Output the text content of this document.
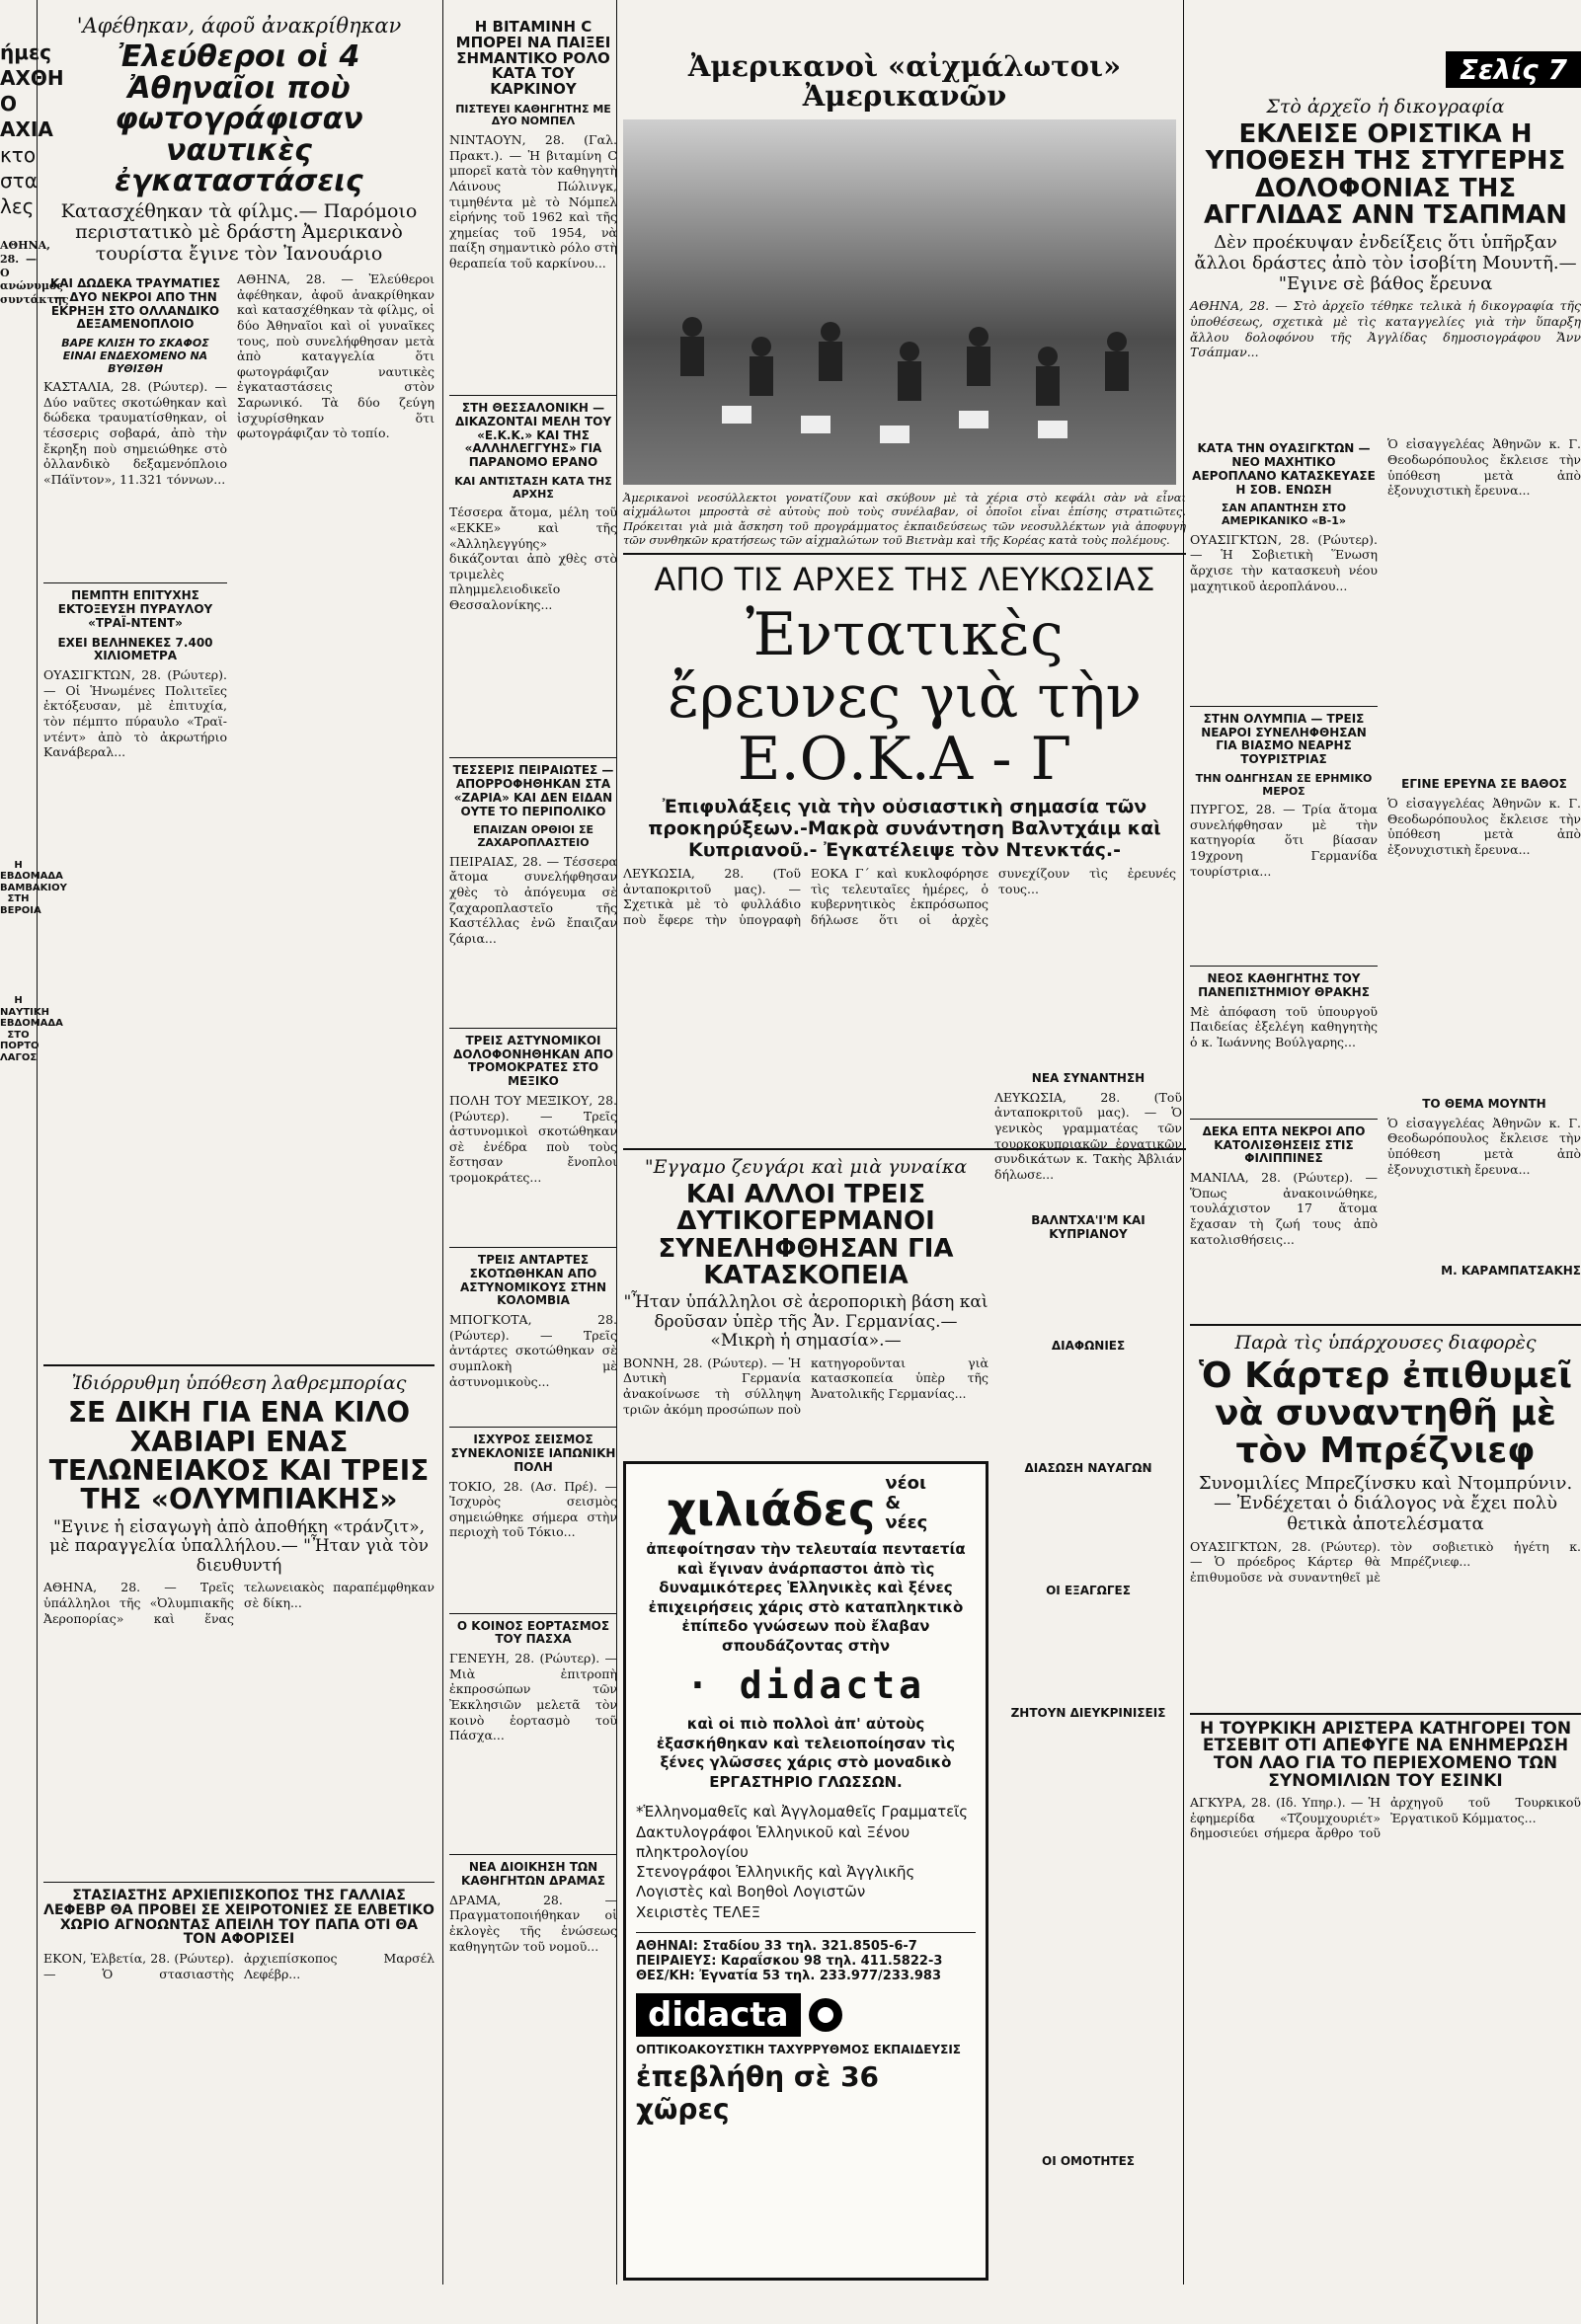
ήμες
ΑΧΘΗ
Ο
ΑΧΙΑ
κτο
στα
λες

ΑΘΗΝΑ, 28. — Ο ανώνυμος συντάκτης

Η ΕΒΔΟΜΑΔΑ ΒΑΜΒΑΚΙΟΥ ΣΤΗ ΒΕΡΟΙΑ
Η ΝΑΥΤΙΚΗ ΕΒΔΟΜΑΔΑ ΣΤΟ ΠΟΡΤΟ ΛΑΓΟΣ

'Αφέθηκαν, άφοῦ ἀνακρίθηκαν

Ἐλεύθεροι οἱ 4 Ἀθηναῖοι ποὺ φωτογράφισαν ναυτικὲς ἐγκαταστάσεις

Κατασχέθηκαν τὰ φίλμς.— Παρόμοιο περιστατικὸ μὲ δράστη Ἀμερικανὸ τουρίστα ἔγινε τὸν Ἰανουάριο

ΚΑΙ ΔΩΔΕΚΑ ΤΡΑΥΜΑΤΙΕΣ — ΔΥΟ ΝΕΚΡΟΙ ΑΠΟ ΤΗΝ ΕΚΡΗΞΗ ΣΤΟ ΟΛΛΑΝΔΙΚΟ ΔΕΞΑΜΕΝΟΠΛΟΙΟ
ΒΑΡΕ ΚΛΙΣΗ ΤΟ ΣΚΑΦΟΣ ΕΙΝΑΙ ΕΝΔΕΧΟΜΕΝΟ ΝΑ ΒΥΘΙΣΘΗ

ΚΑΣΤΑΛΙΑ, 28. (Ρώυτερ). — Δύο ναῦτες σκοτώθηκαν καὶ δώδεκα τραυματίσθηκαν, οἱ τέσσερις σοβαρά, ἀπὸ τὴν ἔκρηξη ποὺ σημειώθηκε στὸ ὀλλανδικὸ δεξαμενόπλοιο «Πάϊντον», 11.321 τόννων...

ΠΕΜΠΤΗ ΕΠΙΤΥΧΗΣ ΕΚΤΟΞΕΥΣΗ ΠΥΡΑΥΛΟΥ «ΤΡΑΪ-ΝΤΕΝΤ»
ΕΧΕΙ ΒΕΛΗΝΕΚΕΣ 7.400 ΧΙΛΙΟΜΕΤΡΑ

ΟΥΑΣΙΓΚΤΩΝ, 28. (Ρώυτερ). — Οἱ Ἡνωμένες Πολιτεῖες ἐκτόξευσαν, μὲ ἐπιτυχία, τὸν πέμπτο πύραυλο «Τραϊ-ντέντ» ἀπὸ τὸ ἀκρωτήριο Κανάβεραλ...

ΑΘΗΝΑ, 28. — Ἐλεύθεροι ἀφέθηκαν, ἀφοῦ ἀνακρίθηκαν καὶ κατασχέθηκαν τὰ φίλμς, οἱ δύο Ἀθηναῖοι καὶ οἱ γυναῖκες τους, ποὺ συνελήφθησαν μετὰ ἀπὸ καταγγελία ὅτι φωτογράφιζαν ναυτικὲς ἐγκαταστάσεις στὸν Σαρωνικό. Τὰ δύο ζεύγη ἰσχυρίσθηκαν ὅτι φωτογράφιζαν τὸ τοπίο.

Ἰδιόρρυθμη ὑπόθεση λαθρεμπορίας

ΣΕ ΔΙΚΗ ΓΙΑ ΕΝΑ ΚΙΛΟ ΧΑΒΙΑΡΙ ΕΝΑΣ ΤΕΛΩΝΕΙΑΚΟΣ ΚΑΙ ΤΡΕΙΣ ΤΗΣ «ΟΛΥΜΠΙΑΚΗΣ»

"Εγινε ἡ εἰσαγωγὴ ἀπὸ ἀποθήκη «τράνζιτ», μὲ παραγγελία ὑπαλλήλου.— "Ἦταν γιὰ τὸν διευθυντή

ΑΘΗΝΑ, 28. — Τρεῖς ὑπάλληλοι τῆς «Ὀλυμπιακῆς Ἀεροπορίας» καὶ ἕνας τελωνειακὸς παραπέμφθηκαν σὲ δίκη...

ΣΤΑΣΙΑΣΤΗΣ ΑΡΧΙΕΠΙΣΚΟΠΟΣ ΤΗΣ ΓΑΛΛΙΑΣ ΛΕΦΕΒΡ ΘΑ ΠΡΟΒΕΙ ΣΕ ΧΕΙΡΟΤΟΝΙΕΣ ΣΕ ΕΛΒΕΤΙΚΟ ΧΩΡΙΟ ΑΓΝΟΩΝΤΑΣ ΑΠΕΙΛΗ ΤΟΥ ΠΑΠΑ ΟΤΙ ΘΑ ΤΟΝ ΑΦΟΡΙΣΕΙ

ΕΚΟΝ, Ἑλβετία, 28. (Ρώυτερ). — Ὁ στασιαστὴς ἀρχιεπίσκοπος Μαρσέλ Λεφέβρ...

Η ΒΙΤΑΜΙΝΗ C ΜΠΟΡΕΙ ΝΑ ΠΑΙΞΕΙ ΣΗΜΑΝΤΙΚΟ ΡΟΛΟ ΚΑΤΑ ΤΟΥ ΚΑΡΚΙΝΟΥ
ΠΙΣΤΕΥΕΙ ΚΑΘΗΓΗΤΗΣ ΜΕ ΔΥΟ ΝΟΜΠΕΛ

ΝΙΝΤΑΟΥΝ, 28. (Γαλ. Πρακτ.). — Ἡ βιταμίνη C μπορεῖ κατὰ τὸν καθηγητὴ Λάινους Πώλινγκ, τιμηθέντα μὲ τὸ Νόμπελ εἰρήνης τοῦ 1962 καὶ τῆς χημείας τοῦ 1954, νὰ παίξη σημαντικὸ ρόλο στὴ θεραπεία τοῦ καρκίνου...

ΣΤΗ ΘΕΣΣΑΛΟΝΙΚΗ — ΔΙΚΑΖΟΝΤΑΙ ΜΕΛΗ ΤΟΥ «Ε.Κ.Κ.» ΚΑΙ ΤΗΣ «ΑΛΛΗΛΕΓΓΥΗΣ» ΓΙΑ ΠΑΡΑΝΟΜΟ ΕΡΑΝΟ
ΚΑΙ ΑΝΤΙΣΤΑΣΗ ΚΑΤΑ ΤΗΣ ΑΡΧΗΣ

Τέσσερα ἄτομα, μέλη τοῦ «ΕΚΚΕ» καὶ τῆς «Ἀλληλεγγύης» δικάζονται ἀπὸ χθὲς στὸ τριμελὲς πλημμελειοδικεῖο Θεσσαλονίκης...

ΤΕΣΣΕΡΙΣ ΠΕΙΡΑΙΩΤΕΣ — ΑΠΟΡΡΟΦΗΘΗΚΑΝ ΣΤΑ «ΖΑΡΙΑ» ΚΑΙ ΔΕΝ ΕΙΔΑΝ ΟΥΤΕ ΤΟ ΠΕΡΙΠΟΛΙΚΟ
ΕΠΑΙΖΑΝ ΟΡΘΙΟΙ ΣΕ ΖΑΧΑΡΟΠΛΑΣΤΕΙΟ

ΠΕΙΡΑΙΑΣ, 28. — Τέσσερα ἄτομα συνελήφθησαν χθὲς τὸ ἀπόγευμα σὲ ζαχαροπλαστεῖο τῆς Καστέλλας ἐνῶ ἔπαιζαν ζάρια...

ΤΡΕΙΣ ΑΣΤΥΝΟΜΙΚΟΙ ΔΟΛΟΦΟΝΗΘΗΚΑΝ ΑΠΟ ΤΡΟΜΟΚΡΑΤΕΣ ΣΤΟ ΜΕΞΙΚΟ

ΠΟΛΗ ΤΟΥ ΜΕΞΙΚΟΥ, 28. (Ρώυτερ). — Τρεῖς ἀστυνομικοὶ σκοτώθηκαν σὲ ἐνέδρα ποὺ τοὺς ἔστησαν ἔνοπλοι τρομοκράτες...

ΤΡΕΙΣ ΑΝΤΑΡΤΕΣ ΣΚΟΤΩΘΗΚΑΝ ΑΠΟ ΑΣΤΥΝΟΜΙΚΟΥΣ ΣΤΗΝ ΚΟΛΟΜΒΙΑ

ΜΠΟΓΚΟΤΑ, 28. (Ρώυτερ). — Τρεῖς ἀντάρτες σκοτώθηκαν σὲ συμπλοκὴ μὲ ἀστυνομικοὺς...

ΙΣΧΥΡΟΣ ΣΕΙΣΜΟΣ ΣΥΝΕΚΛΟΝΙΣΕ ΙΑΠΩΝΙΚΗ ΠΟΛΗ

ΤΟΚΙΟ, 28. (Ασ. Πρέ). — Ἰσχυρὸς σεισμὸς σημειώθηκε σήμερα στὴν περιοχὴ τοῦ Τόκιο...

Ο ΚΟΙΝΟΣ ΕΟΡΤΑΣΜΟΣ ΤΟΥ ΠΑΣΧΑ

ΓΕΝΕΥΗ, 28. (Ρώυτερ). — Μιὰ ἐπιτροπὴ ἐκπροσώπων τῶν Ἐκκλησιῶν μελετᾶ τὸν κοινὸ ἑορτασμὸ τοῦ Πάσχα...

ΝΕΑ ΔΙΟΙΚΗΣΗ ΤΩΝ ΚΑΘΗΓΗΤΩΝ ΔΡΑΜΑΣ

ΔΡΑΜΑ, 28. — Πραγματοποιήθηκαν οἱ ἐκλογὲς τῆς ἑνώσεως καθηγητῶν τοῦ νομοῦ...

Ἀμερικανοὶ «αἰχμάλωτοι» Ἀμερικανῶν

Ἀμερικανοὶ νεοσύλλεκτοι γονατίζουν καὶ σκύβουν μὲ τὰ χέρια στὸ κεφάλι σὰν νὰ εἶναι αἰχμάλωτοι μπροστὰ σὲ αὐτοὺς ποὺ τοὺς συνέλαβαν, οἱ ὁποῖοι εἶναι ἐπίσης στρατιῶτες. Πρόκειται γιὰ μιὰ ἄσκηση τοῦ προγράμματος ἐκπαιδεύσεως τῶν νεοσυλλέκτων γιὰ ἀποφυγὴ τῶν συνθηκῶν κρατήσεως τῶν αἰχμαλώτων τοῦ Βιετνὰμ καὶ τῆς Κορέας κατὰ τοὺς πολέμους.

ΑΠΟ ΤΙΣ ΑΡΧΕΣ ΤΗΣ ΛΕΥΚΩΣΙΑΣ

Ἐντατικὲς ἔρευνες γιὰ τὴν Ε.Ο.Κ.Α - Γ

Ἐπιφυλάξεις γιὰ τὴν οὐσιαστικὴ σημασία τῶν προκηρύξεων.-Μακρὰ συνάντηση Βαλντχάιμ καὶ Κυπριανοῦ.- Ἐγκατέλειψε τὸν Ντενκτάς.-

ΛΕΥΚΩΣΙΑ, 28. (Τοῦ ἀνταποκριτοῦ μας). — Σχετικὰ μὲ τὸ φυλλάδιο ποὺ ἔφερε τὴν ὑπογραφὴ ΕΟΚΑ Γ΄ καὶ κυκλοφόρησε τὶς τελευταῖες ἡμέρες, ὁ κυβερνητικὸς ἐκπρόσωπος δήλωσε ὅτι οἱ ἀρχὲς συνεχίζουν τὶς ἐρευνές τους...

"Εγγαμο ζευγάρι καὶ μιὰ γυναίκα

ΚΑΙ ΑΛΛΟΙ ΤΡΕΙΣ ΔΥΤΙΚΟΓΕΡΜΑΝΟΙ ΣΥΝΕΛΗΦΘΗΣΑΝ ΓΙΑ ΚΑΤΑΣΚΟΠΕΙΑ

"Ἦταν ὑπάλληλοι σὲ ἀεροπορικὴ βάση καὶ δροῦσαν ὑπὲρ τῆς Ἀν. Γερμανίας.— «Μικρὴ ἡ σημασία».—

ΒΟΝΝΗ, 28. (Ρώυτερ). — Ἡ Δυτικὴ Γερμανία ἀνακοίνωσε τὴ σύλληψη τριῶν ἀκόμη προσώπων ποὺ κατηγοροῦνται γιὰ κατασκοπεία ὑπὲρ τῆς Ἀνατολικῆς Γερμανίας...

χιλιάδες νέοι & νέες

ἀπεφοίτησαν τὴν τελευταία πενταετία καὶ ἔγιναν ἀνάρπαστοι ἀπὸ τὶς δυναμικότερες Ἑλληνικὲς καὶ ξένες ἐπιχειρήσεις χάρις στὸ καταπληκτικὸ ἐπίπεδο γνώσεων ποὺ ἔλαβαν σπουδάζοντας στὴν

· didacta

καὶ οἱ πιὸ πολλοὶ ἀπ' αὐτοὺς ἐξασκήθηκαν καὶ τελειοποίησαν τὶς ξένες γλῶσσες χάρις στὸ μοναδικὸ ΕΡΓΑΣΤΗΡΙΟ ΓΛΩΣΣΩΝ.

*Ἑλληνομαθεῖς καὶ Ἀγγλομαθεῖς Γραμματεῖς
Δακτυλογράφοι Ἑλληνικοῦ καὶ Ξένου πληκτρολογίου
Στενογράφοι Ἑλληνικῆς καὶ Ἀγγλικῆς
Λογιστὲς καὶ Βοηθοὶ Λογιστῶν
Χειριστὲς ΤΕΛΕΞ
ΑΘΗΝΑΙ: Σταδίου 33 τηλ. 321.8505-6-7
ΠΕΙΡΑΙΕΥΣ: Καραΐσκου 98 τηλ. 411.5822-3
ΘΕΣ/ΚΗ: Ἐγνατία 53 τηλ. 233.977/233.983
didacta
ΟΠΤΙΚΟΑΚΟΥΣΤΙΚΗ ΤΑΧΥΡΡΥΘΜΟΣ ΕΚΠΑΙΔΕΥΣΙΣ
ἐπεβλήθη σὲ 36 χῶρες
ΝΕΑ ΣΥΝΑΝΤΗΣΗ

ΛΕΥΚΩΣΙΑ, 28. (Τοῦ ἀνταποκριτοῦ μας). — Ὁ γενικὸς γραμματέας τῶν τουρκοκυπριακῶν ἐργατικῶν συνδικάτων κ. Τακὴς Ἀβλιάν δήλωσε...

ΒΑΛΝΤΧΑ'Ι'Μ ΚΑΙ ΚΥΠΡΙΑΝΟΥ
ΔΙΑΦΩΝΙΕΣ
ΔΙΑΣΩΣΗ ΝΑΥΑΓΩΝ
ΟΙ ΕΞΑΓΩΓΕΣ
ΖΗΤΟΥΝ ΔΙΕΥΚΡΙΝΙΣΕΙΣ
ΟΙ ΟΜΟΤΗΤΕΣ
Σελίς 7

Στὸ ἀρχεῖο ἡ δικογραφία

ΕΚΛΕΙΣΕ ΟΡΙΣΤΙΚΑ Η ΥΠΟΘΕΣΗ ΤΗΣ ΣΤΥΓΕΡΗΣ ΔΟΛΟΦΟΝΙΑΣ ΤΗΣ ΑΓΓΛΙΔΑΣ ΑΝΝ ΤΣΑΠΜΑΝ

Δὲν προέκυψαν ἐνδείξεις ὅτι ὑπῆρξαν ἄλλοι δράστες ἀπὸ τὸν ἰσοβίτη Μουντῆ.— "Εγινε σὲ βάθος ἔρευνα

ΑΘΗΝΑ, 28. — Στὸ ἀρχεῖο τέθηκε τελικὰ ἡ δικογραφία τῆς ὑποθέσεως, σχετικὰ μὲ τὶς καταγγελίες γιὰ τὴν ὕπαρξη ἄλλου δολοφόνου τῆς Ἀγγλίδας δημοσιογράφου Ἄνν Τσάπμαν...

ΚΑΤΑ ΤΗΝ ΟΥΑΣΙΓΚΤΩΝ — ΝΕΟ ΜΑΧΗΤΙΚΟ ΑΕΡΟΠΛΑΝΟ ΚΑΤΑΣΚΕΥΑΣΕ Η ΣΟΒ. ΕΝΩΣΗ
ΣΑΝ ΑΠΑΝΤΗΣΗ ΣΤΟ ΑΜΕΡΙΚΑΝΙΚΟ «Β-1»

ΟΥΑΣΙΓΚΤΩΝ, 28. (Ρώυτερ). — Ἡ Σοβιετικὴ Ἕνωση ἄρχισε τὴν κατασκευὴ νέου μαχητικοῦ ἀεροπλάνου...

ΣΤΗΝ ΟΛΥΜΠΙΑ — ΤΡΕΙΣ ΝΕΑΡΟΙ ΣΥΝΕΛΗΦΘΗΣΑΝ ΓΙΑ ΒΙΑΣΜΟ ΝΕΑΡΗΣ ΤΟΥΡΙΣΤΡΙΑΣ
ΤΗΝ ΟΔΗΓΗΣΑΝ ΣΕ ΕΡΗΜΙΚΟ ΜΕΡΟΣ

ΠΥΡΓΟΣ, 28. — Τρία ἄτομα συνελήφθησαν μὲ τὴν κατηγορία ὅτι βίασαν 19χρονη Γερμανίδα τουρίστρια...

ΝΕΟΣ ΚΑΘΗΓΗΤΗΣ ΤΟΥ ΠΑΝΕΠΙΣΤΗΜΙΟΥ ΘΡΑΚΗΣ

Μὲ ἀπόφαση τοῦ ὑπουργοῦ Παιδείας ἐξελέγη καθηγητὴς ὁ κ. Ἰωάννης Βούλγαρης...

ΔΕΚΑ ΕΠΤΑ ΝΕΚΡΟΙ ΑΠΟ ΚΑΤΟΛΙΣΘΗΣΕΙΣ ΣΤΙΣ ΦΙΛΙΠΠΙΝΕΣ

ΜΑΝΙΛΑ, 28. (Ρώυτερ). — Ὅπως ἀνακοινώθηκε, τουλάχιστον 17 ἄτομα ἔχασαν τὴ ζωή τους ἀπὸ κατολισθήσεις...

Ὁ εἰσαγγελέας Ἀθηνῶν κ. Γ. Θεοδωρόπουλος ἔκλεισε τὴν ὑπόθεση μετὰ ἀπὸ ἐξονυχιστικὴ ἔρευνα...

ΕΓΙΝΕ ΕΡΕΥΝΑ ΣΕ ΒΑΘΟΣ

Ὁ εἰσαγγελέας Ἀθηνῶν κ. Γ. Θεοδωρόπουλος ἔκλεισε τὴν ὑπόθεση μετὰ ἀπὸ ἐξονυχιστικὴ ἔρευνα...

ΤΟ ΘΕΜΑ ΜΟΥΝΤΗ

Ὁ εἰσαγγελέας Ἀθηνῶν κ. Γ. Θεοδωρόπουλος ἔκλεισε τὴν ὑπόθεση μετὰ ἀπὸ ἐξονυχιστικὴ ἔρευνα...

Μ. ΚΑΡΑΜΠΑΤΣΑΚΗΣ

Παρὰ τὶς ὑπάρχουσες διαφορὲς

Ὁ Κάρτερ ἐπιθυμεῖ νὰ συναντηθῆ μὲ τὸν Μπρέζνιεφ

Συνομιλίες Μπρεζίνσκυ καὶ Ντομπρύνιν.— Ἐνδέχεται ὁ διάλογος νὰ ἔχει πολὺ θετικὰ ἀποτελέσματα

ΟΥΑΣΙΓΚΤΩΝ, 28. (Ρώυτερ). — Ὁ πρόεδρος Κάρτερ θὰ ἐπιθυμοῦσε νὰ συναντηθεῖ μὲ τὸν σοβιετικὸ ἡγέτη κ. Μπρέζνιεφ...

Η ΤΟΥΡΚΙΚΗ ΑΡΙΣΤΕΡΑ ΚΑΤΗΓΟΡΕΙ ΤΟΝ ΕΤΣΕΒΙΤ ΟΤΙ ΑΠΕΦΥΓΕ ΝΑ ΕΝΗΜΕΡΩΣΗ ΤΟΝ ΛΑΟ ΓΙΑ ΤΟ ΠΕΡΙΕΧΟΜΕΝΟ ΤΩΝ ΣΥΝΟΜΙΛΙΩΝ ΤΟΥ ΕΣΙΝΚΙ

ΑΓΚΥΡΑ, 28. (Ιδ. Υπηρ.). — Ἡ ἐφημερίδα «Τζουμχουριέτ» δημοσιεύει σήμερα ἄρθρο τοῦ ἀρχηγοῦ τοῦ Τουρκικοῦ Ἐργατικοῦ Κόμματος...
